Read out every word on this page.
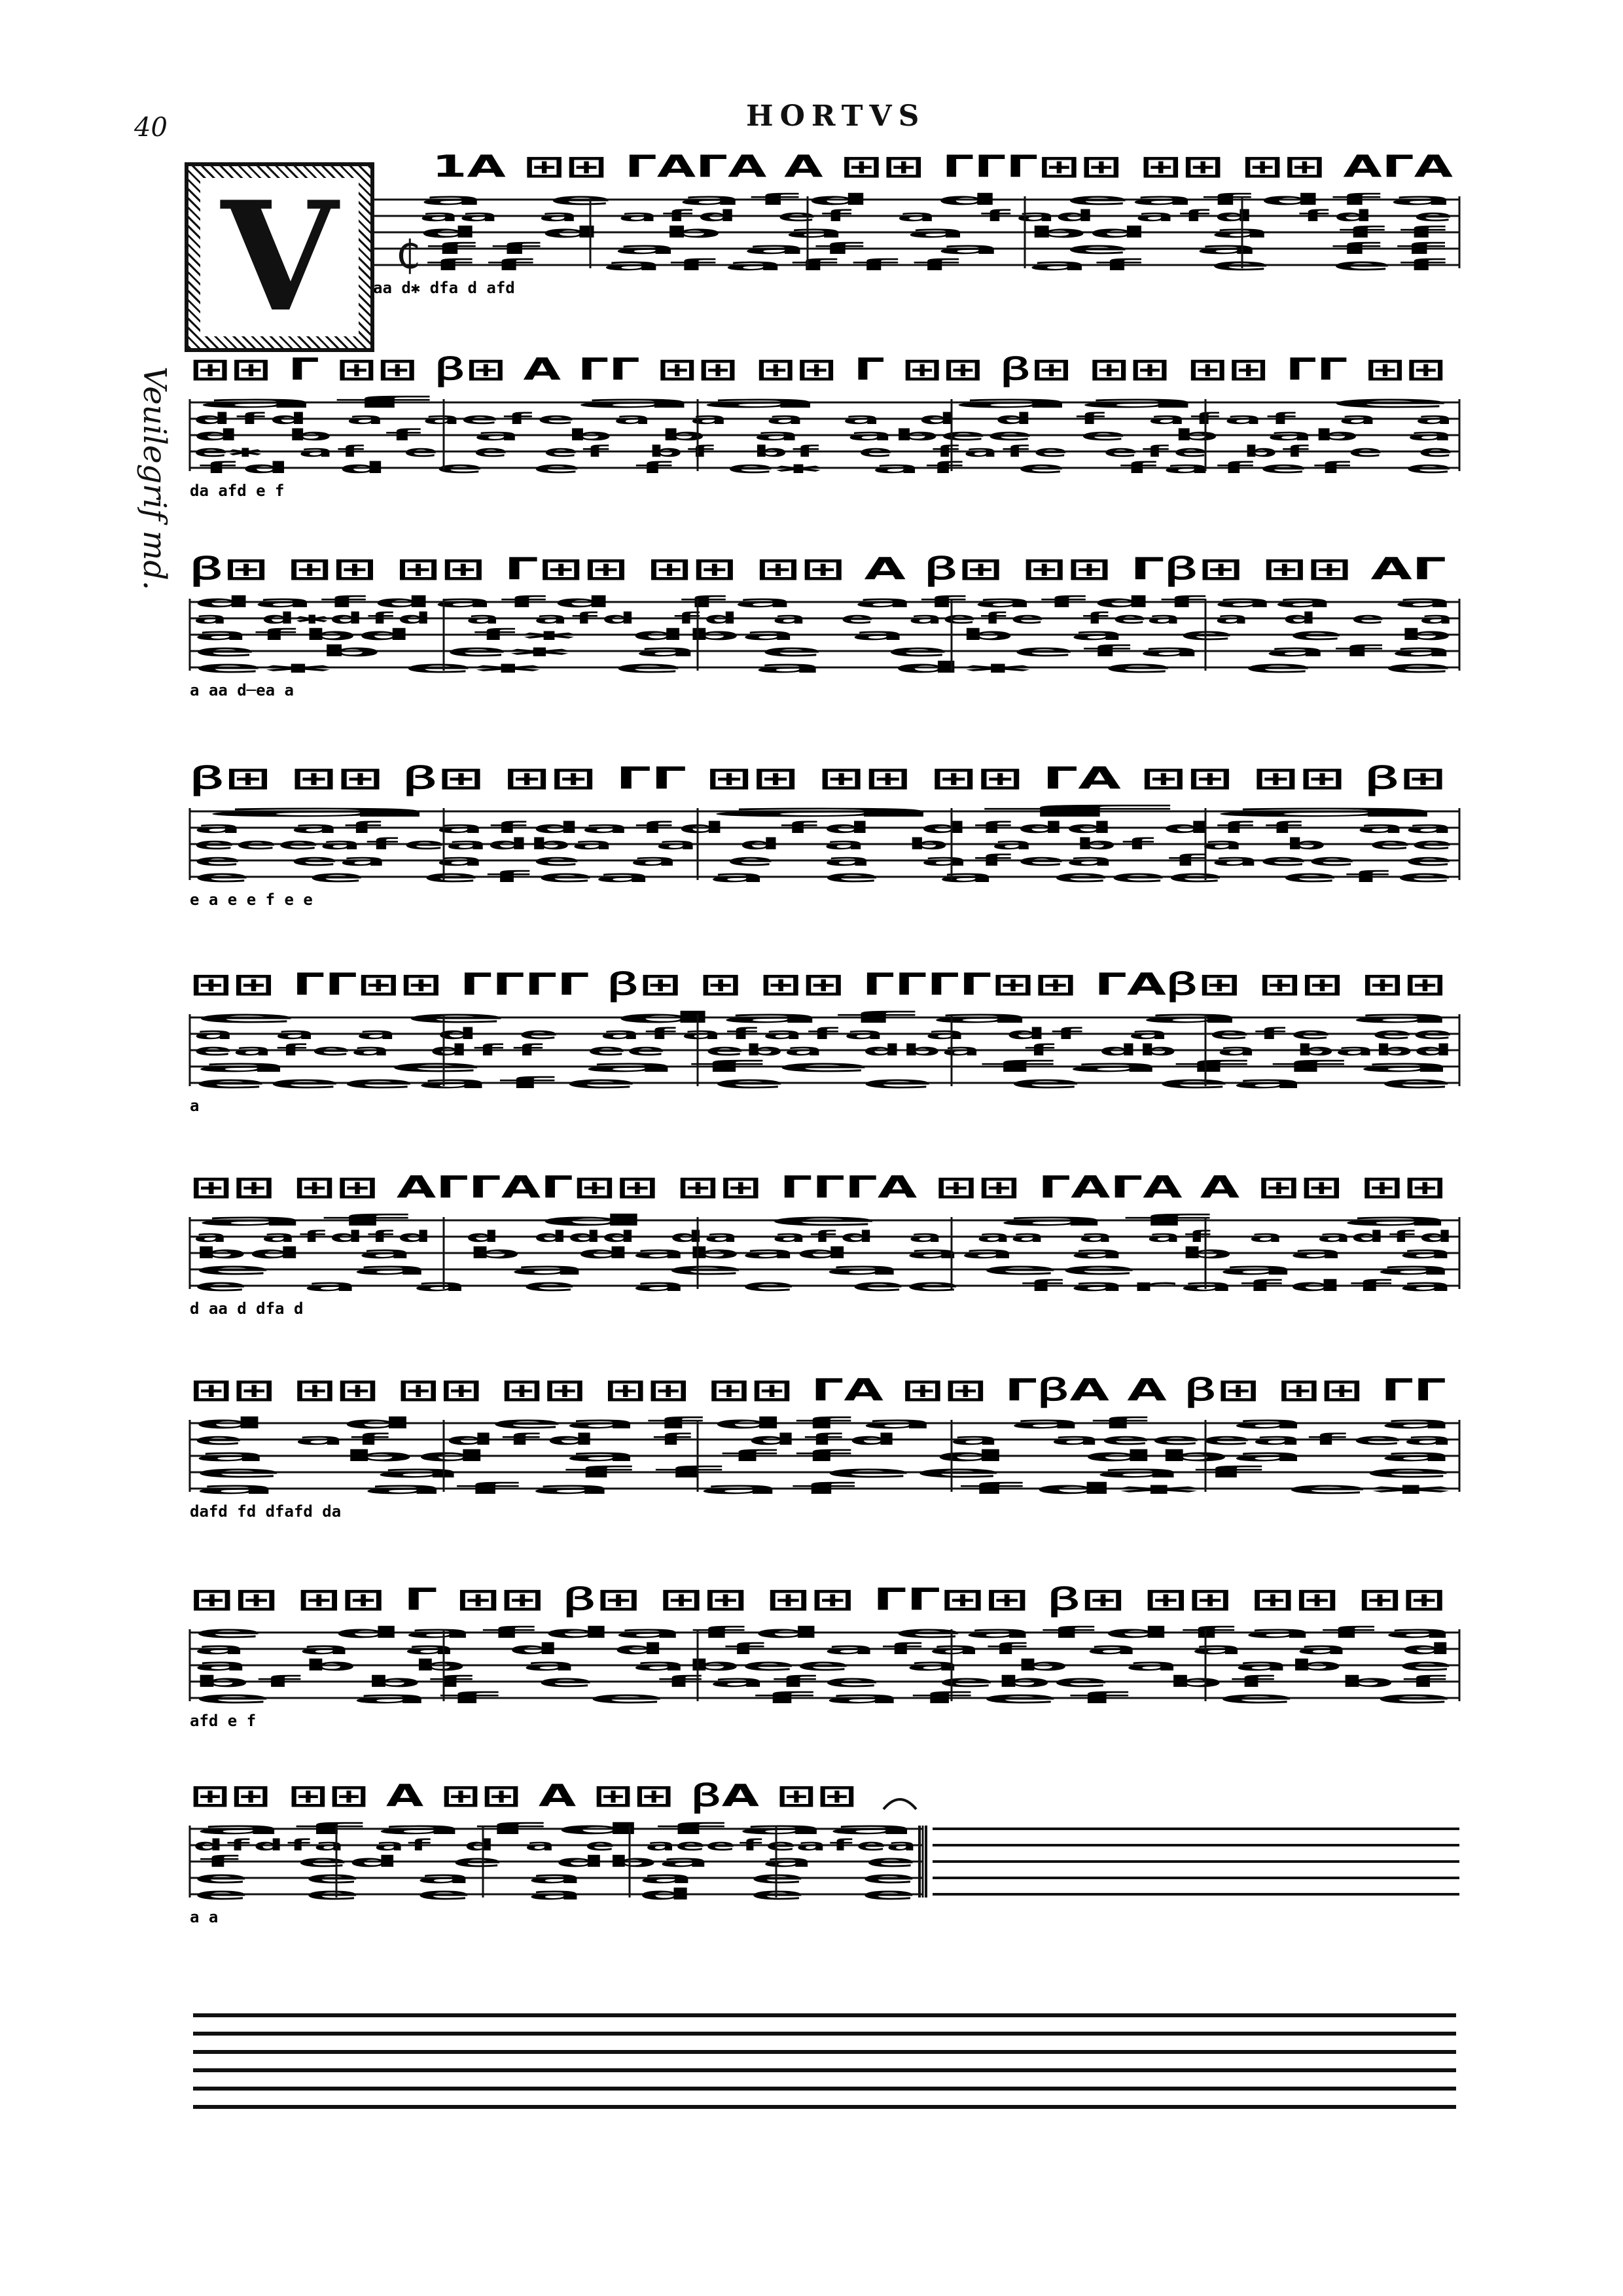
40	HORTVS
V	₵
Veuilegrif md.
1A ⊞⊞ ΓAΓA A ⊞⊞ ΓΓΓ⊞⊞ ⊞⊞ ⊞⊞ AΓA
a e afd d eafdfa
aa a afd ef a fad afd fd e
d d b a a bd a ff
ff a af a e a ff
ff afafff af e ef
aa d✱ dfa d afd
⊞⊞ Γ ⊞⊞ ꞵ⊞ A ΓΓ ⊞⊞ ⊞⊞ Γ ⊞⊞ ꞵ⊞ ⊞⊞ ⊞⊞ ΓΓ ⊞⊞
af aa aa e
dfd a aefe a a a a d d f afaf a a
d b f a b b a abee e b ab a
e✱ af e e ef bf bf e fafe efe bf e e
fd d e e f e✱ af e fafef e
da afd e f
ꞵ⊞ ⊞⊞ ⊞⊞ Γ⊞⊞ ⊞⊞ ⊞⊞ A ꞵ⊞ ⊞⊞ Γꞵ⊞ ⊞⊞ AΓ
dafdafd fa afafdfaa a
a d✱dfd a afd fd a e aefe fea a d e a
afbd f✱ dba a b a e e b
e b e✱ a e e efa afa
e✱ e✱ e a d✱ e e e
a aa d─ea a
ꞵ⊞ ⊞⊞ ꞵ⊞ ⊞⊞ ΓΓ ⊞⊞ ⊞⊞ ⊞⊞ ΓA ⊞⊞ ⊞⊞ ꞵ⊞
a afa
a af afdafd fd dfdd dff aa
eeeafeadba a d a b a bf a b ee
e ea a e a e a afea faee e
e e efea a e a eee efe
e a e e f e e
⊞⊞ ΓΓ⊞⊞ ΓΓΓΓ ꞵ⊞ ⊞ ⊞⊞ ΓΓΓΓ⊞⊞ ΓAꞵ⊞ ⊞⊞ ⊞⊞
e e dafa a a
a a a d e afafafa a df a efe ee
eafea dff ee eba dba f db a babd
a e afe faffa
eeeafe e e e ea e
a
⊞⊞ ⊞⊞ AΓΓAΓ⊞⊞ ⊞⊞ ΓΓΓA ⊞⊞ ΓAΓA A ⊞⊞ ⊞⊞
af d e af a
a afdfd d ddd da afd a aa a af a adfd
bd a b dabad aa a b a a
e a a e a ee a a
e a a e a e ee farafdfa
d aa d dfa d
⊞⊞ ⊞⊞ ⊞⊞ ⊞⊞ ⊞⊞ ⊞⊞ ΓA ⊞⊞ ΓꞵA A ꞵ⊞ ⊞⊞ ΓΓ
d d eafdfa af a a
e af dfd f dfd a aeeeafea
a bd a ff d dba a
e a ff ee af e
a afa af fd✱ e✱
dafd fd dfafd da
⊞⊞ ⊞⊞ Γ ⊞⊞ ꞵ⊞ ⊞⊞ ⊞⊞ ΓΓ⊞⊞ ꞵ⊞ ⊞⊞ ⊞⊞ ⊞⊞
e dafdafd eafdfafa
a a a d d f afaf a a a d
a b b a abee a b a ab e
bf bf e fafe ebe bf bf
e af e fafef e e
afd e f
⊞⊞ ⊞⊞ A ⊞⊞ A ⊞⊞ ꞵA ⊞⊞
afafdfaa
dfdfa af d a e aeefeafea
f ed e dba a e
e e a a a e e
e e e a d e e
a a
